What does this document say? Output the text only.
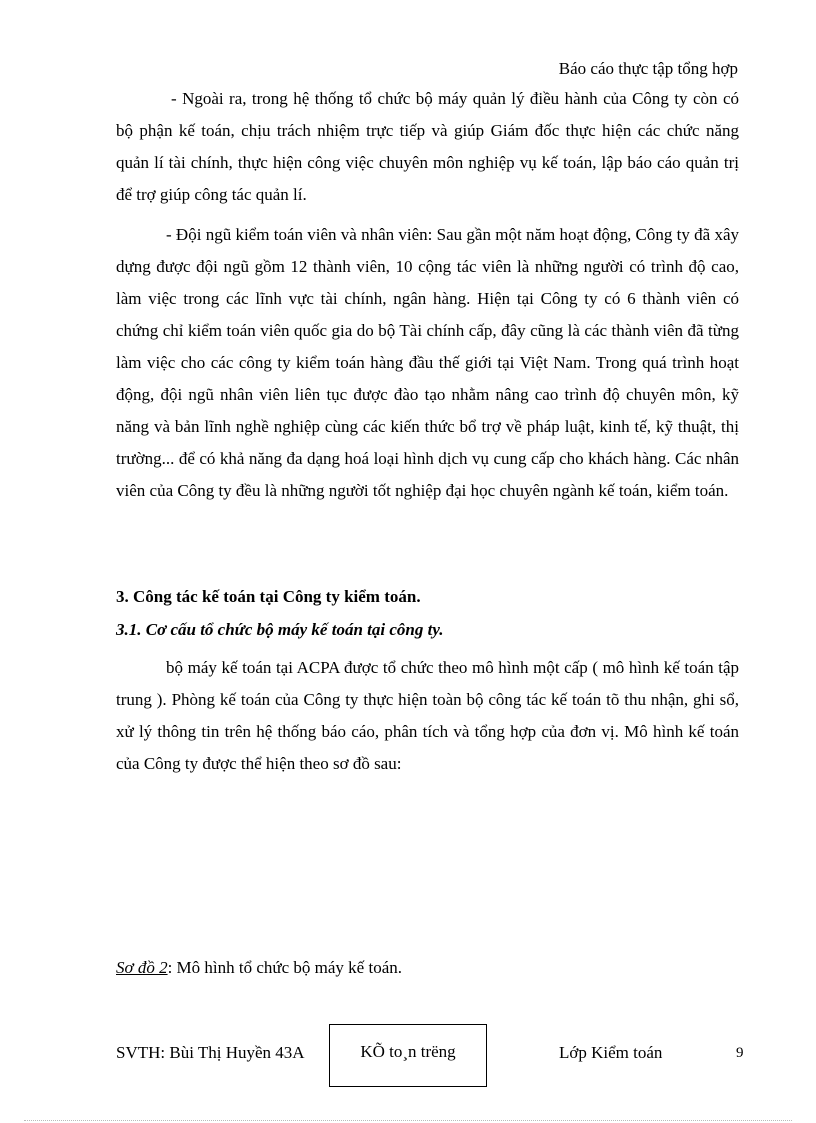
Báo cáo thực tập tổng hợp

- Ngoài ra, trong hệ thống tổ chức bộ máy quản lý điều hành của Công ty còn có bộ phận kế toán, chịu trách nhiệm trực tiếp và giúp Giám đốc thực hiện các chức năng quản lí tài chính, thực hiện công việc chuyên môn nghiệp vụ kế toán, lập báo cáo quản trị để trợ giúp công tác quản lí.

- Đội ngũ kiểm toán viên và nhân viên: Sau gần một năm hoạt động, Công ty đã xây dựng được đội ngũ gồm 12 thành viên, 10 cộng tác viên là những người có trình độ cao, làm việc trong các lĩnh vực tài chính, ngân hàng. Hiện tại Công ty có 6 thành viên có chứng chỉ kiểm toán viên quốc gia do bộ Tài chính cấp, đây cũng là các thành viên đã từng làm việc cho các công ty kiểm toán hàng đầu thế giới tại Việt Nam. Trong quá trình hoạt động, đội ngũ nhân viên liên tục được đào tạo nhằm nâng cao trình độ chuyên môn, kỹ năng và bản lĩnh nghề nghiệp cùng các kiến thức bổ trợ về pháp luật, kinh tế, kỹ thuật, thị trường... để có khả năng đa dạng hoá loại hình dịch vụ cung cấp cho khách hàng. Các nhân viên của Công ty đều là những người tốt nghiệp đại học chuyên ngành kế toán, kiểm toán.

3. Công tác kế toán tại Công ty kiểm toán.
3.1. Cơ cấu tổ chức bộ máy kế toán tại công ty.

bộ máy kế toán tại ACPA được tổ chức theo mô hình một cấp ( mô hình kế toán tập trung ). Phòng kế toán của Công ty thực hiện toàn bộ công tác kế toán tõ thu nhận, ghi sổ, xử lý thông tin trên hệ thống báo cáo, phân tích và tổng hợp của đơn vị. Mô hình kế toán của Công ty được thể hiện theo sơ đồ sau:

Sơ đồ 2: Mô hình tổ chức bộ máy kế toán.
SVTH: Bùi Thị Huyền 43A	KÕ to¸n trëng	Lớp Kiểm toán	9
